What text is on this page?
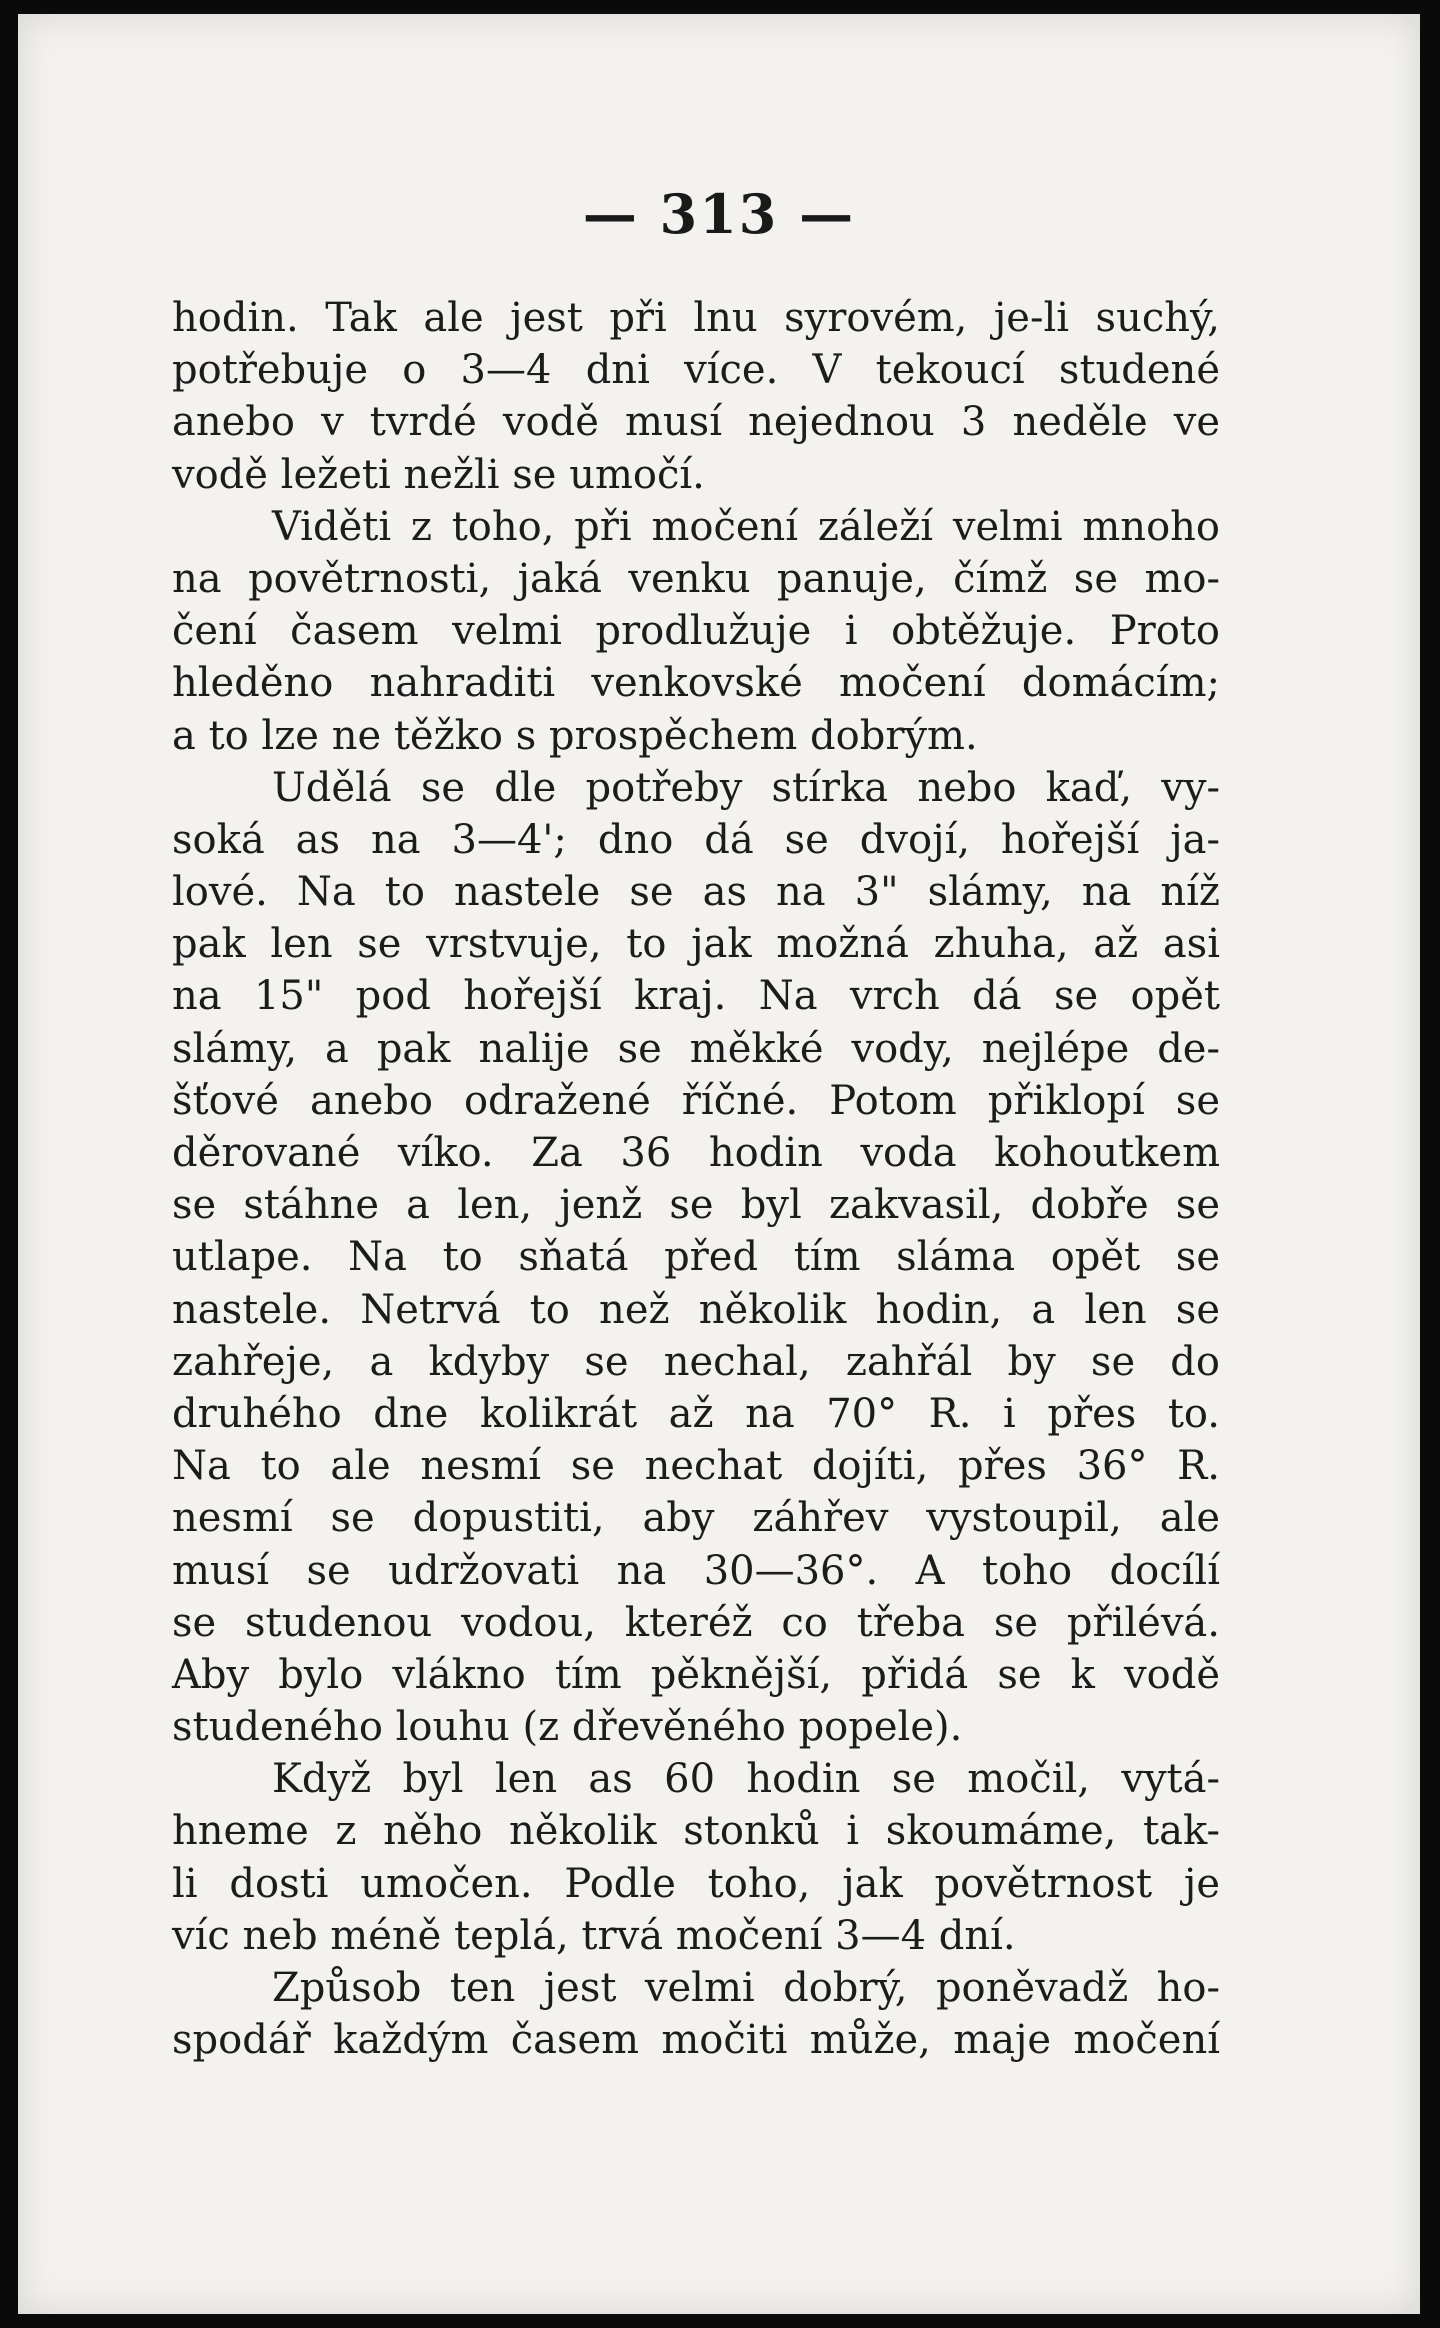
— 313 —
hodin. Tak ale jest při lnu syrovém, je-li suchý,
potřebuje o 3—4 dni více. V tekoucí studené
anebo v tvrdé vodě musí nejednou 3 neděle ve
vodě ležeti nežli se umočí.
Viděti z toho, při močení záleží velmi mnoho
na povětrnosti, jaká venku panuje, čímž se mo-
čení časem velmi prodlužuje i obtěžuje. Proto
hleděno nahraditi venkovské močení domácím;
a to lze ne těžko s prospěchem dobrým.
Udělá se dle potřeby stírka nebo kaď, vy-
soká as na 3—4'; dno dá se dvojí, hořejší ja-
lové. Na to nastele se as na 3" slámy, na níž
pak len se vrstvuje, to jak možná zhuha, až asi
na 15" pod hořejší kraj. Na vrch dá se opět
slámy, a pak nalije se měkké vody, nejlépe de-
šťové anebo odražené říčné. Potom přiklopí se
děrované víko. Za 36 hodin voda kohoutkem
se stáhne a len, jenž se byl zakvasil, dobře se
utlape. Na to sňatá před tím sláma opět se
nastele. Netrvá to než několik hodin, a len se
zahřeje, a kdyby se nechal, zahřál by se do
druhého dne kolikrát až na 70° R. i přes to.
Na to ale nesmí se nechat dojíti, přes 36° R.
nesmí se dopustiti, aby záhřev vystoupil, ale
musí se udržovati na 30—36°. A toho docílí
se studenou vodou, kteréž co třeba se přilévá.
Aby bylo vlákno tím pěknější, přidá se k vodě
studeného louhu (z dřevěného popele).
Když byl len as 60 hodin se močil, vytá-
hneme z něho několik stonků i skoumáme, tak-
li dosti umočen. Podle toho, jak povětrnost je
víc neb méně teplá, trvá močení 3—4 dní.
Způsob ten jest velmi dobrý, poněvadž ho-
spodář každým časem močiti může, maje močení
